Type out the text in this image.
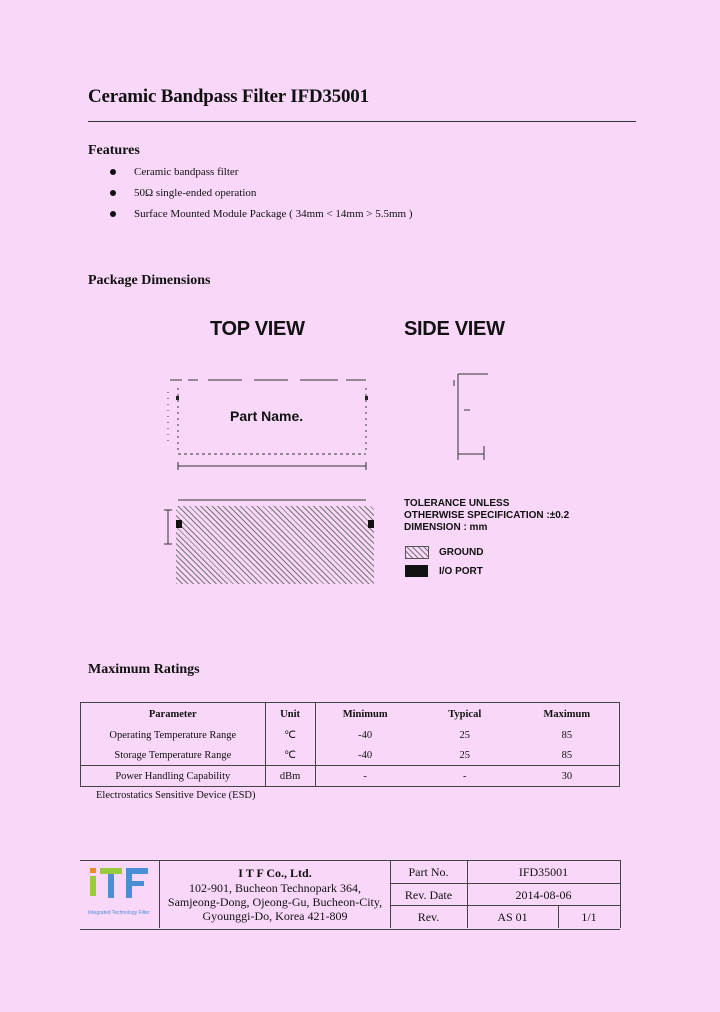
Ceramic Bandpass Filter IFD35001
Features
Ceramic bandpass filter
50Ω single-ended operation
Surface Mounted Module Package ( 34mm < 14mm > 5.5mm )
Package Dimensions
TOP VIEW	SIDE VIEW
Part Name.
TOLERANCE UNLESS
OTHERWISE SPECIFICATION :±0.2
DIMENSION : mm
GROUND
I/O PORT
Maximum Ratings
Parameter	Unit	Minimum	Typical	Maximum
Operating Temperature Range	℃	-40	25	85
Storage Temperature Range	℃	-40	25	85
Power Handling Capability	dBm	-	-	30
Electrostatics Sensitive Device (ESD)
Integrated Technology Filter
I T F Co., Ltd.
102-901, Bucheon Technopark 364,
Samjeong-Dong, Ojeong-Gu, Bucheon-City,
Gyounggi-Do, Korea 421-809
Part No.	IFD35001
Rev. Date	2014-08-06
Rev.	AS 01	1/1
